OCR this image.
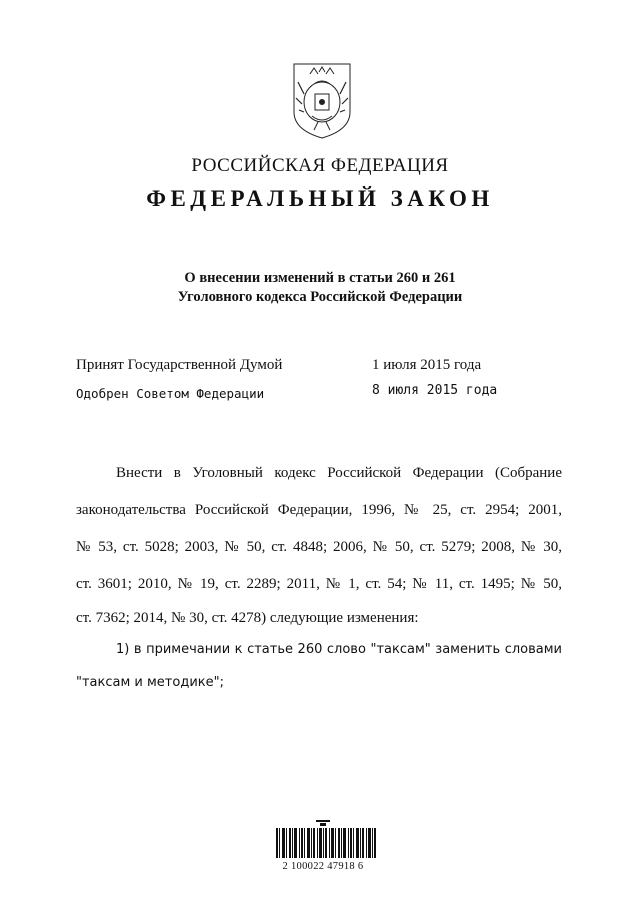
РОССИЙСКАЯ ФЕДЕРАЦИЯ
ФЕДЕРАЛЬНЫЙ ЗАКОН
О внесении изменений в статьи 260 и 261
Уголовного кодекса Российской Федерации
Принят Государственной Думой	1 июля 2015 года
Одобрен Советом Федерации	8 июля 2015 года
Внести в Уголовный кодекс Российской Федерации (Собрание
законодательства Российской Федерации, 1996, № 25, ст. 2954; 2001,
№ 53, ст. 5028; 2003, № 50, ст. 4848; 2006, № 50, ст. 5279; 2008, № 30,
ст. 3601; 2010, № 19, ст. 2289; 2011, № 1, ст. 54; № 11, ст. 1495; № 50,
ст. 7362; 2014, № 30, ст. 4278) следующие изменения:
1) в примечании к статье 260 слово "таксам" заменить словами
"таксам и методике";
2 100022 47918 6
